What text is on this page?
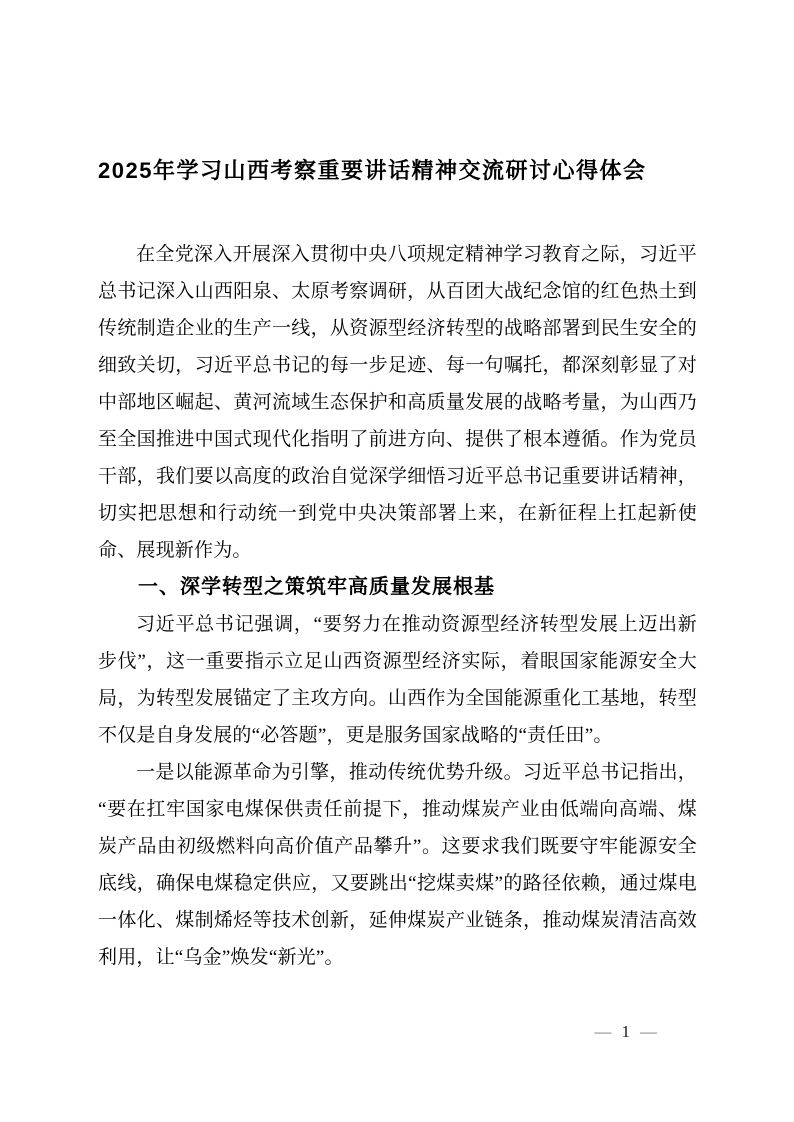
2025年学习山西考察重要讲话精神交流研讨心得体会

在全党深入开展深入贯彻中央八项规定精神学习教育之际，习近平总书记深入山西阳泉、太原考察调研，从百团大战纪念馆的红色热土到传统制造企业的生产一线，从资源型经济转型的战略部署到民生安全的细致关切，习近平总书记的每一步足迹、每一句嘱托，都深刻彰显了对中部地区崛起、黄河流域生态保护和高质量发展的战略考量，为山西乃至全国推进中国式现代化指明了前进方向、提供了根本遵循。作为党员干部，我们要以高度的政治自觉深学细悟习近平总书记重要讲话精神，切实把思想和行动统一到党中央决策部署上来，在新征程上扛起新使命、展现新作为。

一、深学转型之策筑牢高质量发展根基

习近平总书记强调，“要努力在推动资源型经济转型发展上迈出新步伐”，这一重要指示立足山西资源型经济实际，着眼国家能源安全大局，为转型发展锚定了主攻方向。山西作为全国能源重化工基地，转型不仅是自身发展的“必答题”，更是服务国家战略的“责任田”。

一是以能源革命为引擎，推动传统优势升级。习近平总书记指出，“要在扛牢国家电煤保供责任前提下，推动煤炭产业由低端向高端、煤炭产品由初级燃料向高价值产品攀升”。这要求我们既要守牢能源安全底线，确保电煤稳定供应，又要跳出“挖煤卖煤”的路径依赖，通过煤电一体化、煤制烯烃等技术创新，延伸煤炭产业链条，推动煤炭清洁高效利用，让“乌金”焕发“新光”。

— 1 —
